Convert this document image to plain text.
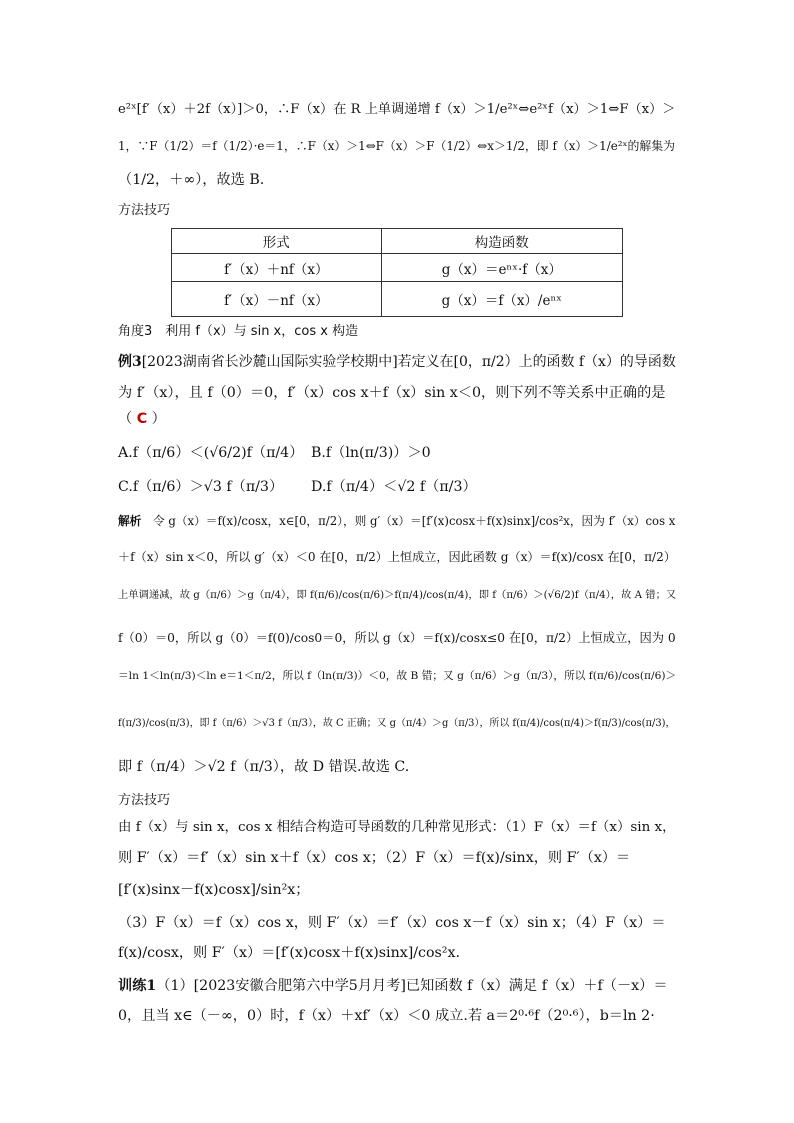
e²ˣ[f′（x）＋2f（x）]＞0，∴F（x）在 R 上单调递增 f（x）＞1/e²ˣ⇔e²ˣf（x）＞1⇔F（x）＞
1，∵F（1/2）＝f（1/2）·e＝1，∴F（x）＞1⇔F（x）＞F（1/2）⇔x＞1/2，即 f（x）＞1/e²ˣ的解集为
（1/2，＋∞），故选 B.
方法技巧
形式	构造函数
f′（x）＋nf（x）	g（x）＝eⁿˣ·f（x）
f′（x）－nf（x）	g（x）＝f（x）/eⁿˣ
角度3　利用 f（x）与 sin x，cos x 构造
例3[2023湖南省长沙麓山国际实验学校期中]若定义在[0，π/2）上的函数 f（x）的导函数
为 f′（x），且 f（0）＝0，f′（x）cos x＋f（x）sin x＜0，则下列不等关系中正确的是
（ C ）
A.f（π/6）＜(√6/2)f（π/4） B.f（ln(π/3)）＞0
C.f（π/6）＞√3 f（π/3） D.f（π/4）＜√2 f（π/3）
解析　令 g（x）＝f(x)/cosx，x∈[0，π/2），则 g′（x）＝[f′(x)cosx＋f(x)sinx]/cos²x，因为 f′（x）cos x
＋f（x）sin x＜0，所以 g′（x）＜0 在[0，π/2）上恒成立，因此函数 g（x）＝f(x)/cosx 在[0，π/2）
上单调递减，故 g（π/6）＞g（π/4），即 f(π/6)/cos(π/6)＞f(π/4)/cos(π/4)，即 f（π/6）＞(√6/2)f（π/4），故 A 错；又
f（0）＝0，所以 g（0）＝f(0)/cos0＝0，所以 g（x）＝f(x)/cosx≤0 在[0，π/2）上恒成立，因为 0
＝ln 1＜ln(π/3)＜ln e＝1＜π/2，所以 f（ln(π/3)）＜0，故 B 错；又 g（π/6）＞g（π/3），所以 f(π/6)/cos(π/6)＞
f(π/3)/cos(π/3)，即 f（π/6）＞√3 f（π/3），故 C 正确；又 g（π/4）＞g（π/3），所以 f(π/4)/cos(π/4)＞f(π/3)/cos(π/3)，
即 f（π/4）＞√2 f（π/3），故 D 错误.故选 C.
方法技巧
由 f（x）与 sin x，cos x 相结合构造可导函数的几种常见形式：（1）F（x）＝f（x）sin x，
则 F′（x）＝f′（x）sin x＋f（x）cos x；（2）F（x）＝f(x)/sinx，则 F′（x）＝
[f′(x)sinx－f(x)cosx]/sin²x；
（3）F（x）＝f（x）cos x，则 F′（x）＝f′（x）cos x－f（x）sin x；（4）F（x）＝
f(x)/cosx，则 F′（x）＝[f′(x)cosx＋f(x)sinx]/cos²x.
训练1（1）[2023安徽合肥第六中学5月月考]已知函数 f（x）满足 f（x）＋f（－x）＝
0，且当 x∈（－∞，0）时，f（x）＋xf′（x）＜0 成立.若 a＝2⁰·⁶f（2⁰·⁶），b＝ln 2·
